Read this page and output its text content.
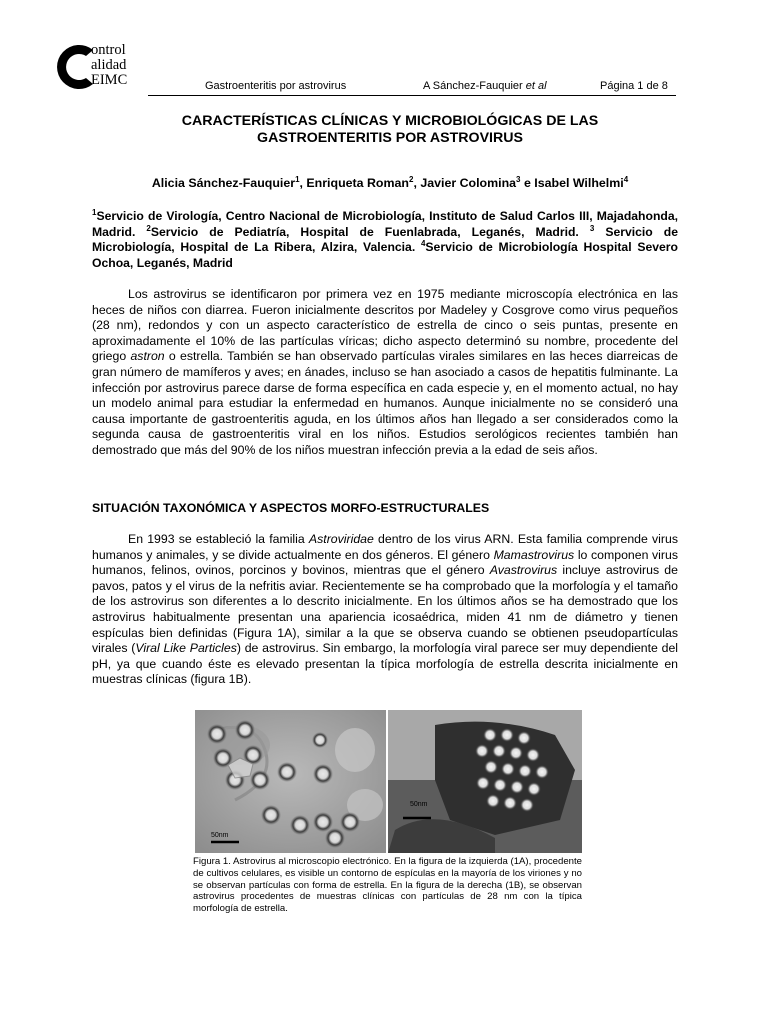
ontrol
alidad
EIMC	Gastroenteritis por astrovirus	A Sánchez-Fauquier et al	Página 1 de 8
CARACTERÍSTICAS CLÍNICAS Y MICROBIOLÓGICAS DE LAS
GASTROENTERITIS POR ASTROVIRUS
Alicia Sánchez-Fauquier$^1$, Enriqueta Roman$^2$, Javier Colomina$^3$ e Isabel Wilhelmi$^4$
$^1$Servicio de Virología, Centro Nacional de Microbiología, Instituto de Salud Carlos III, Majadahonda, Madrid. $^2$Servicio de Pediatría, Hospital de Fuenlabrada, Leganés, Madrid. $^3$ Servicio de Microbiología, Hospital de La Ribera, Alzira, Valencia. $^4$Servicio de Microbiología Hospital Severo Ochoa, Leganés, Madrid

Los astrovirus se identificaron por primera vez en 1975 mediante microscopía electrónica en las heces de niños con diarrea. Fueron inicialmente descritos por Madeley y Cosgrove como virus pequeños (28 nm), redondos y con un aspecto característico de estrella de cinco o seis puntas, presente en aproximadamente el 10% de las partículas víricas; dicho aspecto determinó su nombre, procedente del griego astron o estrella. También se han observado partículas virales similares en las heces diarreicas de gran número de mamíferos y aves; en ánades, incluso se han asociado a casos de hepatitis fulminante. La infección por astrovirus parece darse de forma específica en cada especie y, en el momento actual, no hay un modelo animal para estudiar la enfermedad en humanos. Aunque inicialmente no se consideró una causa importante de gastroenteritis aguda, en los últimos años han llegado a ser considerados como la segunda causa de gastroenteritis viral en los niños. Estudios serológicos recientes también han demostrado que más del 90% de los niños muestran infección previa a la edad de seis años.

SITUACIÓN TAXONÓMICA Y ASPECTOS MORFO-ESTRUCTURALES

En 1993 se estableció la familia Astroviridae dentro de los virus ARN. Esta familia comprende virus humanos y animales, y se divide actualmente en dos géneros. El género Mamastrovirus lo componen virus humanos, felinos, ovinos, porcinos y bovinos, mientras que el género Avastrovirus incluye astrovirus de pavos, patos y el virus de la nefritis aviar. Recientemente se ha comprobado que la morfología y el tamaño de los astrovirus son diferentes a lo descrito inicialmente. En los últimos años se ha demostrado que los astrovirus habitualmente presentan una apariencia icosaédrica, miden 41 nm de diámetro y tienen espículas bien definidas (Figura 1A), similar a la que se observa cuando se obtienen pseudopartículas virales (Viral Like Particles) de astrovirus. Sin embargo, la morfología viral parece ser muy dependiente del pH, ya que cuando éste es elevado presentan la típica morfología de estrella descrita inicialmente en muestras clínicas (figura 1B).

50nm
50nm
Figura 1. Astrovirus al microscopio electrónico. En la figura de la izquierda (1A), procedente de cultivos celulares, es visible un contorno de espículas en la mayoría de los viriones y no se observan partículas con forma de estrella. En la figura de la derecha (1B), se observan astrovirus procedentes de muestras clínicas con partículas de 28 nm con la típica morfología de estrella.
